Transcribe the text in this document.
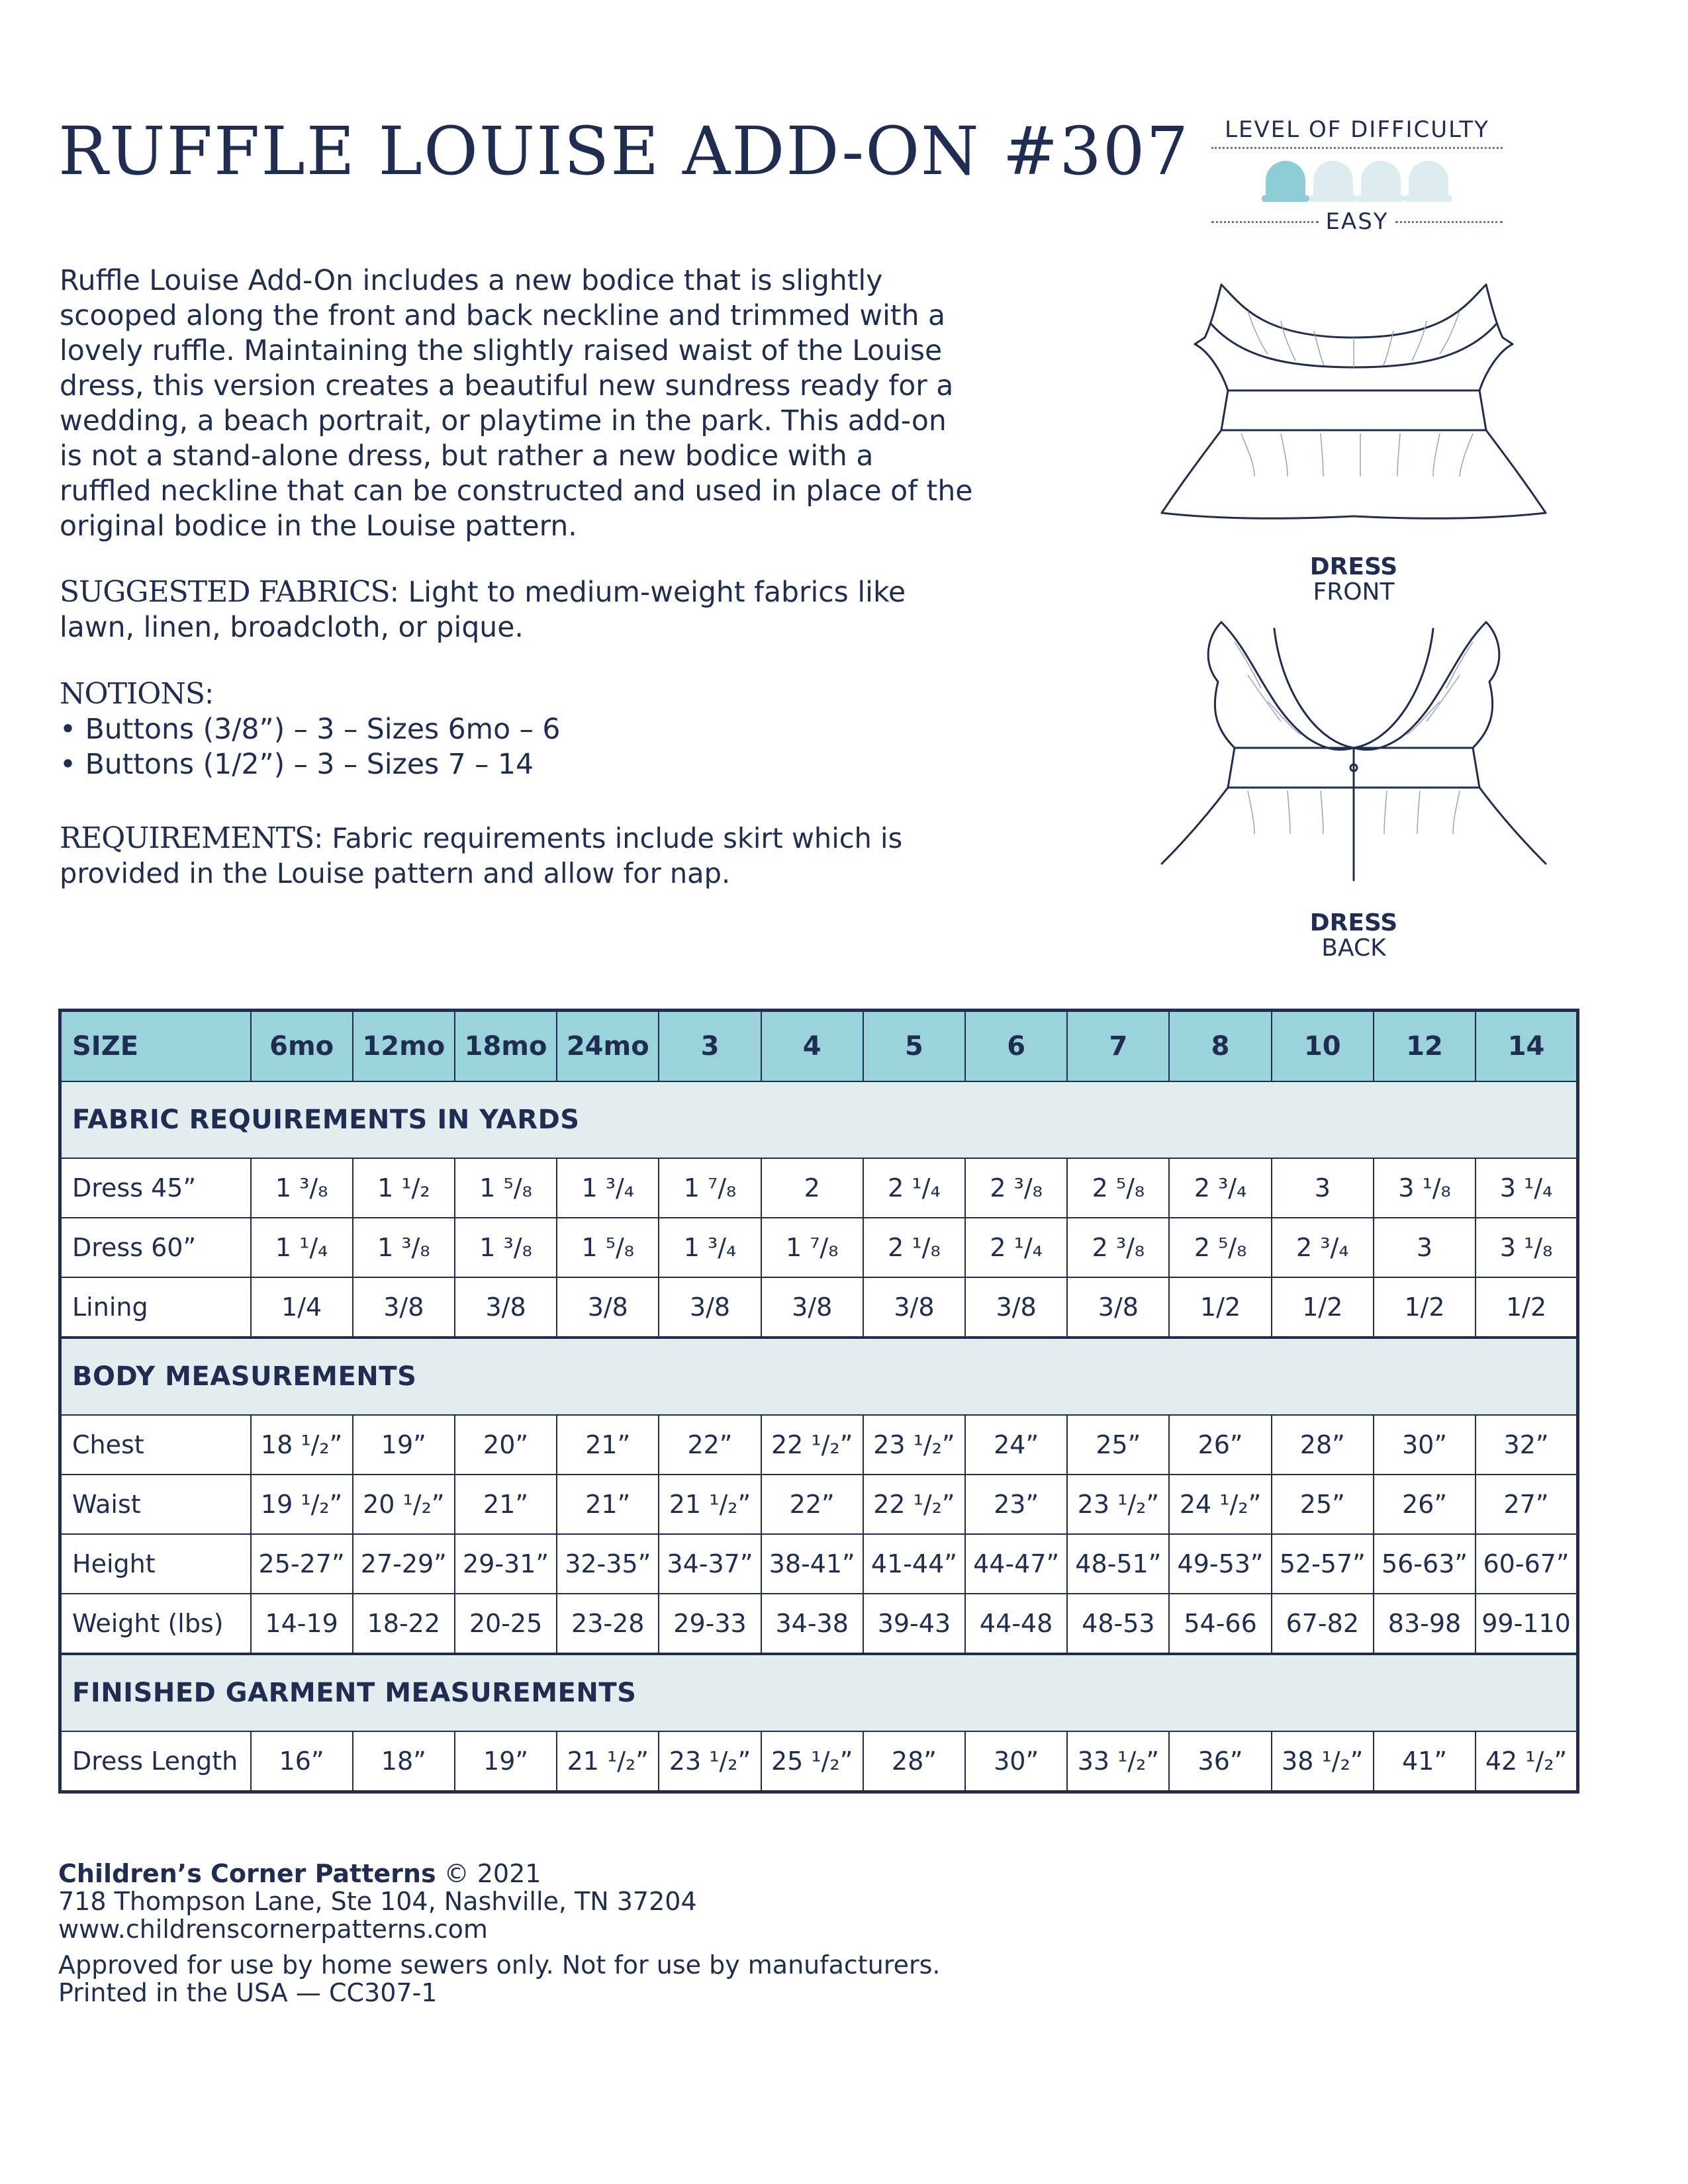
RUFFLE LOUISE ADD-ON #307

Ruffle Louise Add-On includes a new bodice that is slightly scooped along the front and back neckline and trimmed with a lovely ruffle. Maintaining the slightly raised waist of the Louise dress, this version creates a beautiful new sundress ready for a wedding, a beach portrait, or playtime in the park. This add-on is not a stand-alone dress, but rather a new bodice with a ruffled neckline that can be constructed and used in place of the original bodice in the Louise pattern.

SUGGESTED FABRICS: Light to medium-weight fabrics like lawn, linen, broadcloth, or pique.

NOTIONS:
• Buttons (3/8”) – 3 – Sizes 6mo – 6
• Buttons (1/2”) – 3 – Sizes 7 – 14

REQUIREMENTS: Fabric requirements include skirt which is provided in the Louise pattern and allow for nap.

LEVEL OF DIFFICULTY
EASY
DRESS
FRONT
DRESS
BACK
SIZE	6mo	12mo	18mo	24mo	3	4	5	6	7	8	10	12	14
FABRIC REQUIREMENTS IN YARDS													
Dress 45”	1 ³/₈	1 ¹/₂	1 ⁵/₈	1 ³/₄	1 ⁷/₈	2	2 ¹/₄	2 ³/₈	2 ⁵/₈	2 ³/₄	3	3 ¹/₈	3 ¹/₄
Dress 60”	1 ¹/₄	1 ³/₈	1 ³/₈	1 ⁵/₈	1 ³/₄	1 ⁷/₈	2 ¹/₈	2 ¹/₄	2 ³/₈	2 ⁵/₈	2 ³/₄	3	3 ¹/₈
Lining	1/4	3/8	3/8	3/8	3/8	3/8	3/8	3/8	3/8	1/2	1/2	1/2	1/2
BODY MEASUREMENTS													
Chest	18 ¹/₂”	19”	20”	21”	22”	22 ¹/₂”	23 ¹/₂”	24”	25”	26”	28”	30”	32”
Waist	19 ¹/₂”	20 ¹/₂”	21”	21”	21 ¹/₂”	22”	22 ¹/₂”	23”	23 ¹/₂”	24 ¹/₂”	25”	26”	27”
Height	25-27”	27-29”	29-31”	32-35”	34-37”	38-41”	41-44”	44-47”	48-51”	49-53”	52-57”	56-63”	60-67”
Weight (lbs)	14-19	18-22	20-25	23-28	29-33	34-38	39-43	44-48	48-53	54-66	67-82	83-98	99-110
FINISHED GARMENT MEASUREMENTS													
Dress Length	16”	18”	19”	21 ¹/₂”	23 ¹/₂”	25 ¹/₂”	28”	30”	33 ¹/₂”	36”	38 ¹/₂”	41”	42 ¹/₂”

Children’s Corner Patterns © 2021
718 Thompson Lane, Ste 104, Nashville, TN 37204
www.childrenscornerpatterns.com

Approved for use by home sewers only. Not for use by manufacturers.
Printed in the USA — CC307-1
